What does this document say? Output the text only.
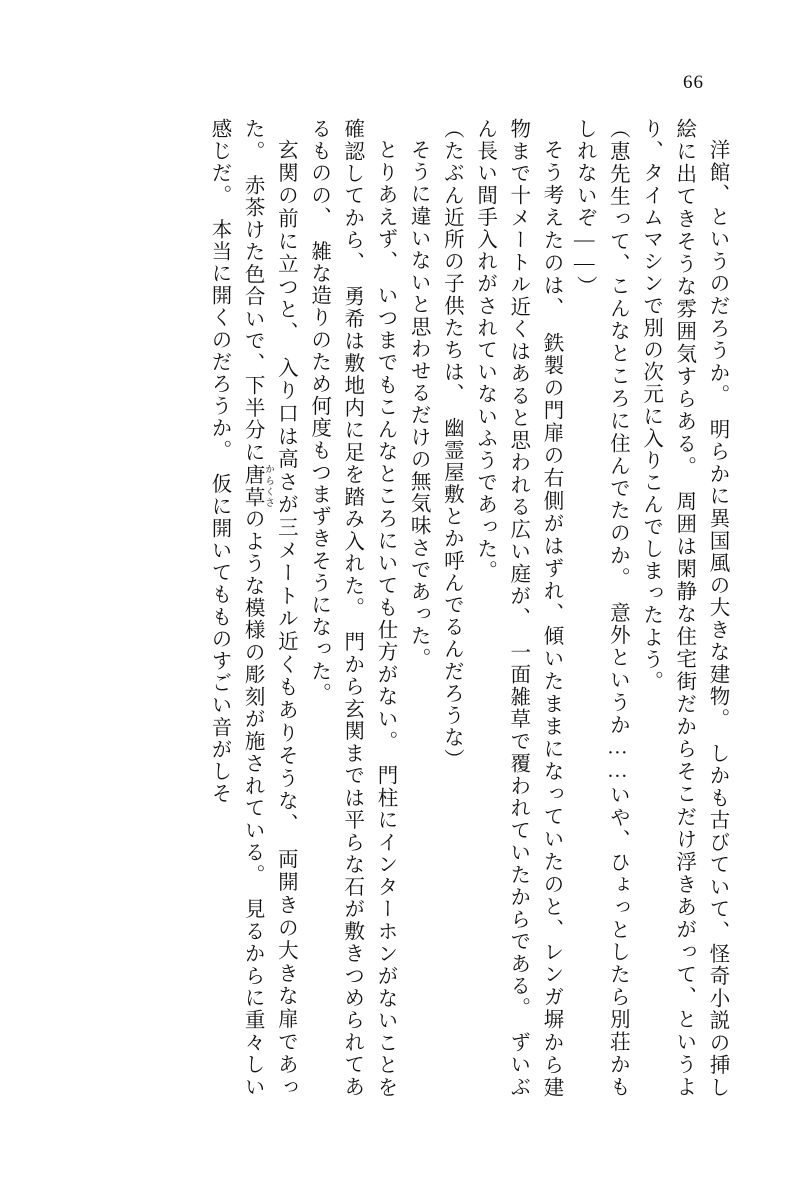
66

洋館、というのだろうか。　明らかに異国風の大きな建物。　しかも古びていて、怪奇小説の挿し絵に出てきそうな雰囲気すらある。　周囲は閑静な住宅街だからそこだけ浮きあがって、というより、タイムマシンで別の次元に入りこんでしまったよう。

（恵先生って、こんなところに住んでたのか。　意外というか……いや、ひょっとしたら別荘かもしれないぞ——）

そう考えたのは、　鉄製の門扉の右側がはずれ、傾いたままになっていたのと、レンガ塀から建物まで十メートル近くはあると思われる広い庭が、　一面雑草で覆われていたからである。　ずいぶん長い間手入れがされていないふうであった。

（たぶん近所の子供たちは、　幽霊屋敷とか呼んでるんだろうな）

そうに違いないと思わせるだけの無気味さであった。

とりあえず、　いつまでもこんなところにいても仕方がない。　門柱にインターホンがないことを確認してから、　勇希は敷地内に足を踏み入れた。　門から玄関までは平らな石が敷きつめられてあるものの、　雑な造りのため何度もつまずきそうになった。

玄関の前に立つと、　入り口は高さが三メートル近くもありそうな、　両開きの大きな扉であった。　赤茶けた色合いで、下半分に唐草 からくさのような模様の彫刻が施されている。　見るからに重々しい感じだ。　本当に開くのだろうか。　仮に開いてもものすごい音がしそ
